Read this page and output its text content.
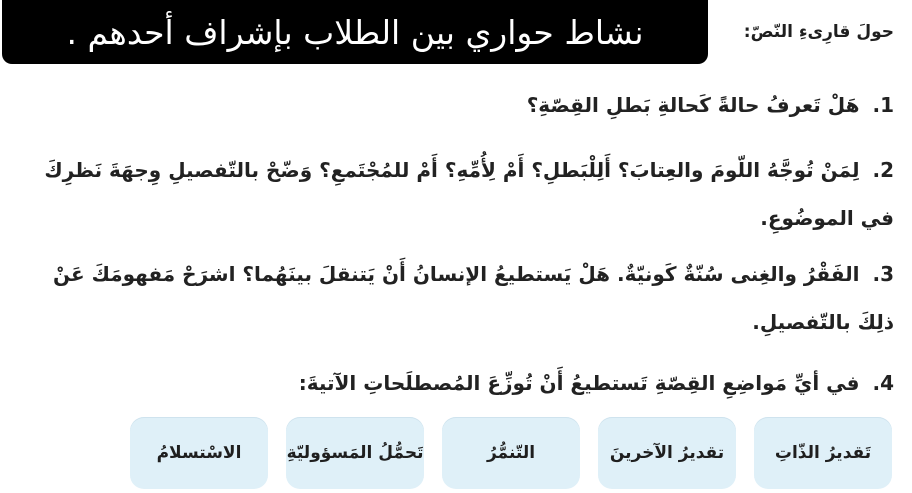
نشاط حواري بين الطلاب بإشراف أحدهم .	حولَ قارِىءِ النّصّ:
1. هَلْ تَعرفُ حالةً كَحالةِ بَطلِ القِصّةِ؟
2. لِمَنْ تُوجَّهُ اللّومَ والعِتابَ؟ أَلِلْبَطلِ؟ أَمْ لِأُمِّهِ؟ أَمْ للمُجْتَمعِ؟ وَضّحْ بالتّفصيلِ وِجهَةَ نَظرِكَ في الموضُوعِ.
3. الفَقْرُ والغِنى سُنّةٌ كَونيّةٌ. هَلْ يَستطيعُ الإنسانُ أَنْ يَتنقلَ بينَهُما؟ اشرَحْ مَفهومَكَ عَنْ ذلِكَ بالتّفصيلِ.
4. في أيِّ مَواضِعِ القِصّةِ تَستطيعُ أَنْ تُوزِّعَ المُصطلَحاتِ الآتيةَ:
تَقديرُ الذّاتِ
تقديرُ الآخرينَ
التّنمُّرُ
تَحمُّلُ المَسؤوليّةِ
الاسْتسلامُ
